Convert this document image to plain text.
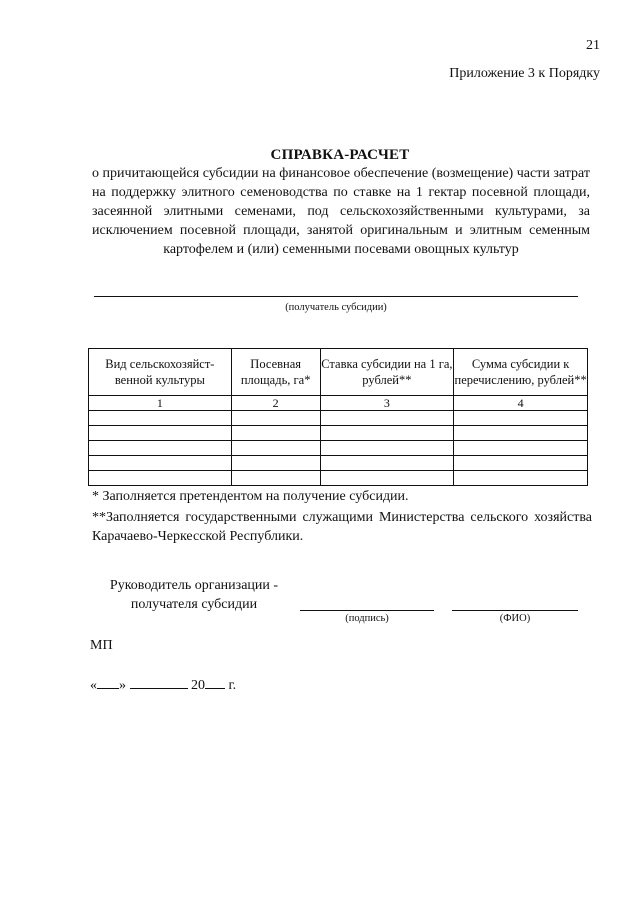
21
Приложение 3 к Порядку
СПРАВКА-РАСЧЕТ
о причитающейся субсидии на финансовое обеспечение (возмещение) части затрат на поддержку элитного семеноводства по ставке на 1 гектар посевной площади, засеянной элитными семенами, под сельскохозяйственными культурами, за исключением посевной площади, занятой оригинальным и элитным семенным картофелем и (или) семенными посевами овощных культур
(получатель субсидии)
Вид сельскохозяйст-венной культуры	Посевная площадь, га*	Ставка субсидии на 1 га, рублей**	Сумма субсидии к перечислению, рублей**
1	2	3	4

* Заполняется претендентом на получение субсидии.
**Заполняется государственными служащими Министерства сельского хозяйства Карачаево-Черкесской Республики.
Руководитель организации -
получателя субсидии
(подпись)	(ФИО)
МП
« »	20 г.
